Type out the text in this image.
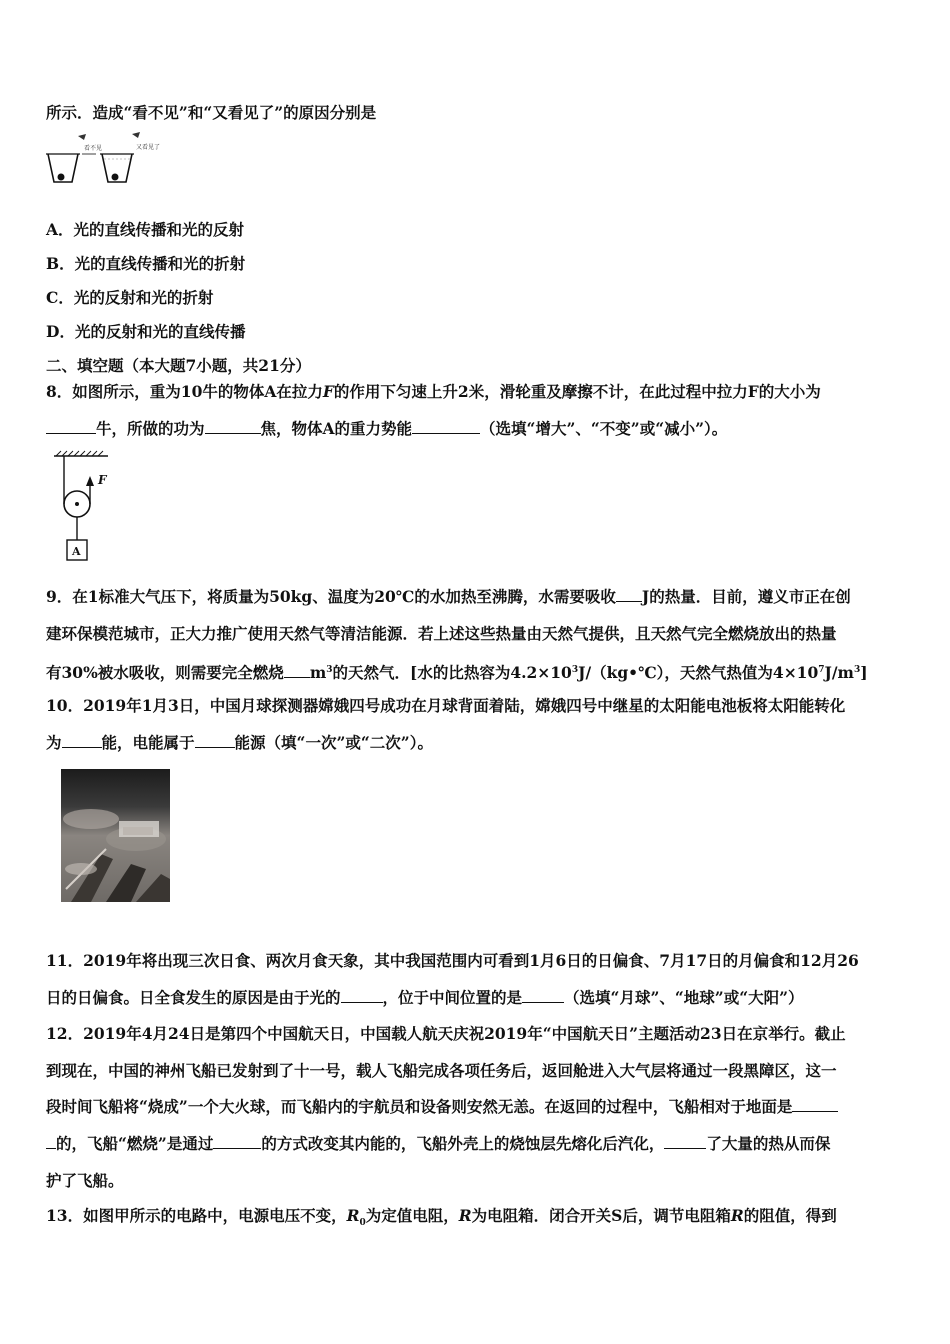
所示．造成“看不见”和“又看见了”的原因分别是
看不见	又看见了
A．光的直线传播和光的反射
B．光的直线传播和光的折射
C．光的反射和光的折射
D．光的反射和光的直线传播
二、填空题（本大题7小题，共21分）
8．如图所示，重为10牛的物体A在拉力F的作用下匀速上升2米，滑轮重及摩擦不计，在此过程中拉力F的大小为
牛，所做的功为	焦，物体A的重力势能	（选填“增大”、“不变”或“减小”）。
F
A
9．在1标准大气压下，将质量为50kg、温度为20℃的水加热至沸腾，水需要吸收 J的热量．目前，遵义市正在创
建环保模范城市，正大力推广使用天然气等清洁能源．若上述这些热量由天然气提供，且天然气完全燃烧放出的热量
有30%被水吸收，则需要完全燃烧 $m^3$的天然气．[水的比热容为$4.2\times 10^3J/(kg•℃)$，天然气热值为$4\times 10^7J/m^3$]
10．2019年1月3日，中国月球探测器嫦娥四号成功在月球背面着陆，嫦娥四号中继星的太阳能电池板将太阳能转化
为	能，电能属于	能源（填“一次”或“二次”）。
11．2019年将出现三次日食、两次月食天象，其中我国范围内可看到1月6日的日偏食、7月17日的月偏食和12月26
日的日偏食。日全食发生的原因是由于光的	，位于中间位置的是	（选填“月球”、“地球”或“大阳”）
12．2019年4月24日是第四个中国航天日，中国载人航天庆祝2019年“中国航天日”主题活动23日在京举行。截止
到现在，中国的神州飞船已发射到了十一号，载人飞船完成各项任务后，返回舱进入大气层将通过一段黑障区，这一
段时间飞船将“烧成”一个大火球，而飞船内的宇航员和设备则安然无恙。在返回的过程中，飞船相对于地面是
的，飞船“燃烧”是通过	的方式改变其内能的，飞船外壳上的烧蚀层先熔化后汽化，	了大量的热从而保
护了飞船。
13．如图甲所示的电路中，电源电压不变，$R_0$为定值电阻，R为电阻箱．闭合开关S后，调节电阻箱R的阻值，得到
